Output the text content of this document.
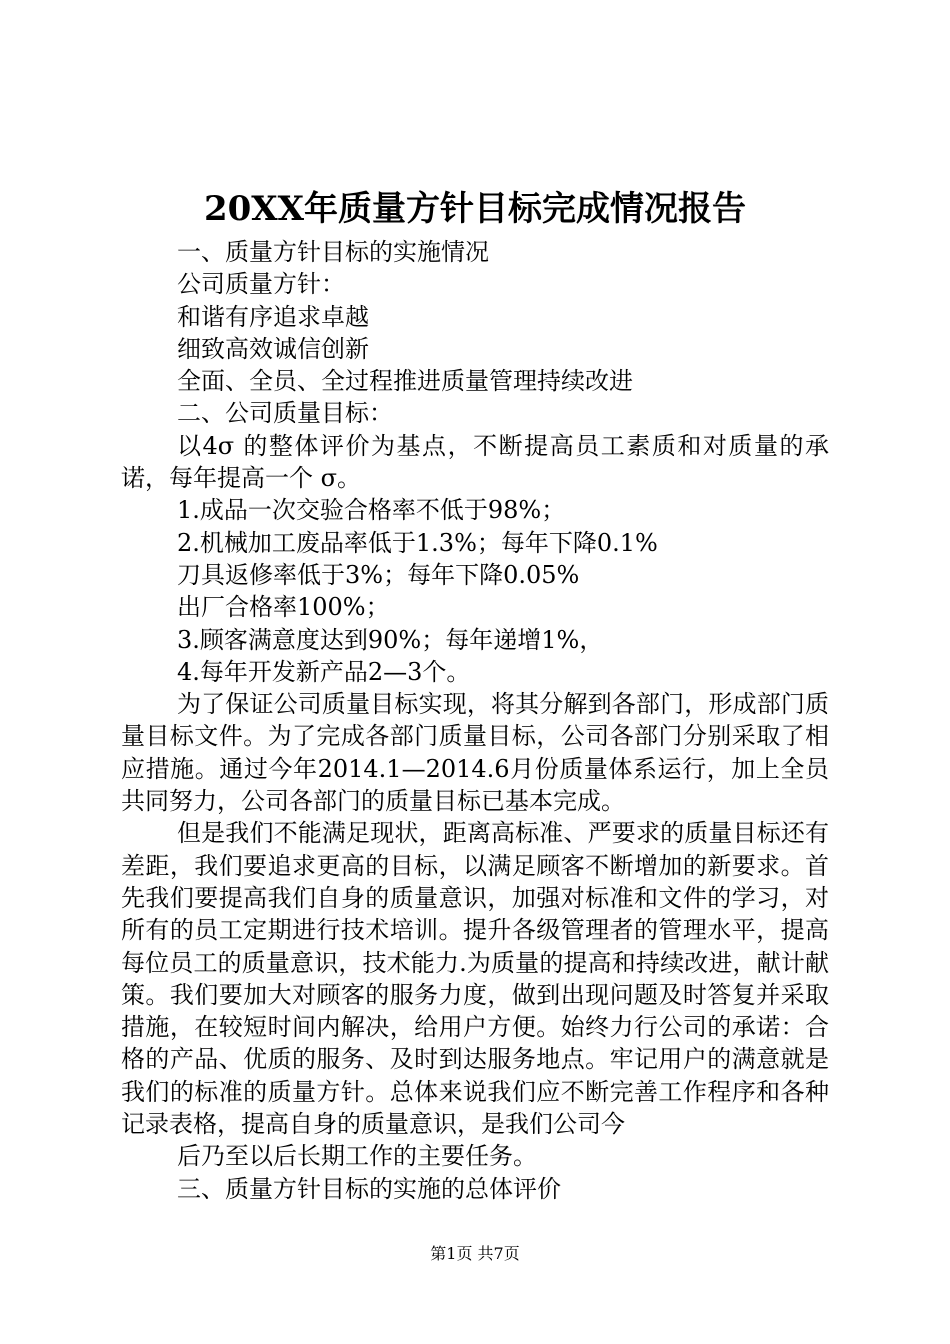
20XX年质量方针目标完成情况报告

一、质量方针目标的实施情况

公司质量方针：

和谐有序追求卓越

细致高效诚信创新

全面、全员、全过程推进质量管理持续改进

二、公司质量目标：

以4σ 的整体评价为基点，不断提高员工素质和对质量的承诺，每年提高一个 σ。

1.成品一次交验合格率不低于98%；

2.机械加工废品率低于1.3%；每年下降0.1%

刀具返修率低于3%；每年下降0.05%

出厂合格率100%；

3.顾客满意度达到90%；每年递增1%，

4.每年开发新产品2—3个。

为了保证公司质量目标实现，将其分解到各部门，形成部门质量目标文件。为了完成各部门质量目标，公司各部门分别采取了相应措施。通过今年2014.1—2014.6月份质量体系运行，加上全员共同努力，公司各部门的质量目标已基本完成。

但是我们不能满足现状，距离高标准、严要求的质量目标还有差距，我们要追求更高的目标，以满足顾客不断增加的新要求。首先我们要提高我们自身的质量意识，加强对标准和文件的学习，对所有的员工定期进行技术培训。提升各级管理者的管理水平，提高每位员工的质量意识，技术能力.为质量的提高和持续改进，献计献策。我们要加大对顾客的服务力度，做到出现问题及时答复并采取措施，在较短时间内解决，给用户方便。始终力行公司的承诺：合格的产品、优质的服务、及时到达服务地点。牢记用户的满意就是我们的标准的质量方针。总体来说我们应不断完善工作程序和各种记录表格，提高自身的质量意识，是我们公司今

后乃至以后长期工作的主要任务。

三、质量方针目标的实施的总体评价

第1页 共7页
